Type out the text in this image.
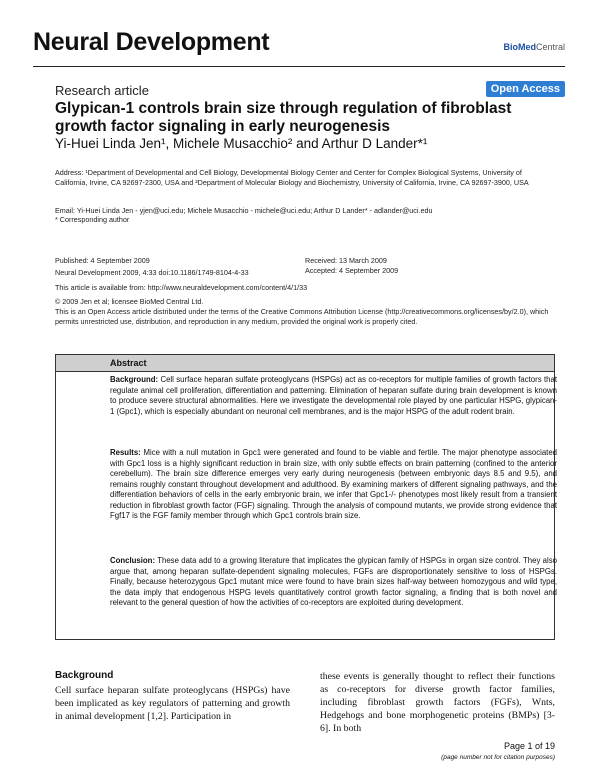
Neural Development	BioMedCentral
Research article	Open Access
Glypican-1 controls brain size through regulation of fibroblast growth factor signaling in early neurogenesis
Yi-Huei Linda Jen¹, Michele Musacchio² and Arthur D Lander*¹
Address: ¹Department of Developmental and Cell Biology, Developmental Biology Center and Center for Complex Biological Systems, University of California, Irvine, CA 92697-2300, USA and ²Department of Molecular Biology and Biochemistry, University of California, Irvine, CA 92697-3900, USA
Email: Yi-Huei Linda Jen - yjen@uci.edu; Michele Musacchio - michele@uci.edu; Arthur D Lander* - adlander@uci.edu
* Corresponding author
Published: 4 September 2009
Neural Development 2009, 4:33 doi:10.1186/1749-8104-4-33
Received: 13 March 2009
Accepted: 4 September 2009
This article is available from: http://www.neuraldevelopment.com/content/4/1/33
© 2009 Jen et al; licensee BioMed Central Ltd.
This is an Open Access article distributed under the terms of the Creative Commons Attribution License (http://creativecommons.org/licenses/by/2.0), which permits unrestricted use, distribution, and reproduction in any medium, provided the original work is properly cited.
Abstract
Background: Cell surface heparan sulfate proteoglycans (HSPGs) act as co-receptors for multiple families of growth factors that regulate animal cell proliferation, differentiation and patterning. Elimination of heparan sulfate during brain development is known to produce severe structural abnormalities. Here we investigate the developmental role played by one particular HSPG, glypican-1 (Gpc1), which is especially abundant on neuronal cell membranes, and is the major HSPG of the adult rodent brain.
Results: Mice with a null mutation in Gpc1 were generated and found to be viable and fertile. The major phenotype associated with Gpc1 loss is a highly significant reduction in brain size, with only subtle effects on brain patterning (confined to the anterior cerebellum). The brain size difference emerges very early during neurogenesis (between embryonic days 8.5 and 9.5), and remains roughly constant throughout development and adulthood. By examining markers of different signaling pathways, and the differentiation behaviors of cells in the early embryonic brain, we infer that Gpc1-/- phenotypes most likely result from a transient reduction in fibroblast growth factor (FGF) signaling. Through the analysis of compound mutants, we provide strong evidence that Fgf17 is the FGF family member through which Gpc1 controls brain size.
Conclusion: These data add to a growing literature that implicates the glypican family of HSPGs in organ size control. They also argue that, among heparan sulfate-dependent signaling molecules, FGFs are disproportionately sensitive to loss of HSPGs. Finally, because heterozygous Gpc1 mutant mice were found to have brain sizes half-way between homozygous and wild type, the data imply that endogenous HSPG levels quantitatively control growth factor signaling, a finding that is both novel and relevant to the general question of how the activities of co-receptors are exploited during development.
Background
Cell surface heparan sulfate proteoglycans (HSPGs) have been implicated as key regulators of patterning and growth in animal development [1,2]. Participation in
these events is generally thought to reflect their functions as co-receptors for diverse growth factor families, including fibroblast growth factors (FGFs), Wnts, Hedgehogs and bone morphogenetic proteins (BMPs) [3-6]. In both
Page 1 of 19
(page number not for citation purposes)
